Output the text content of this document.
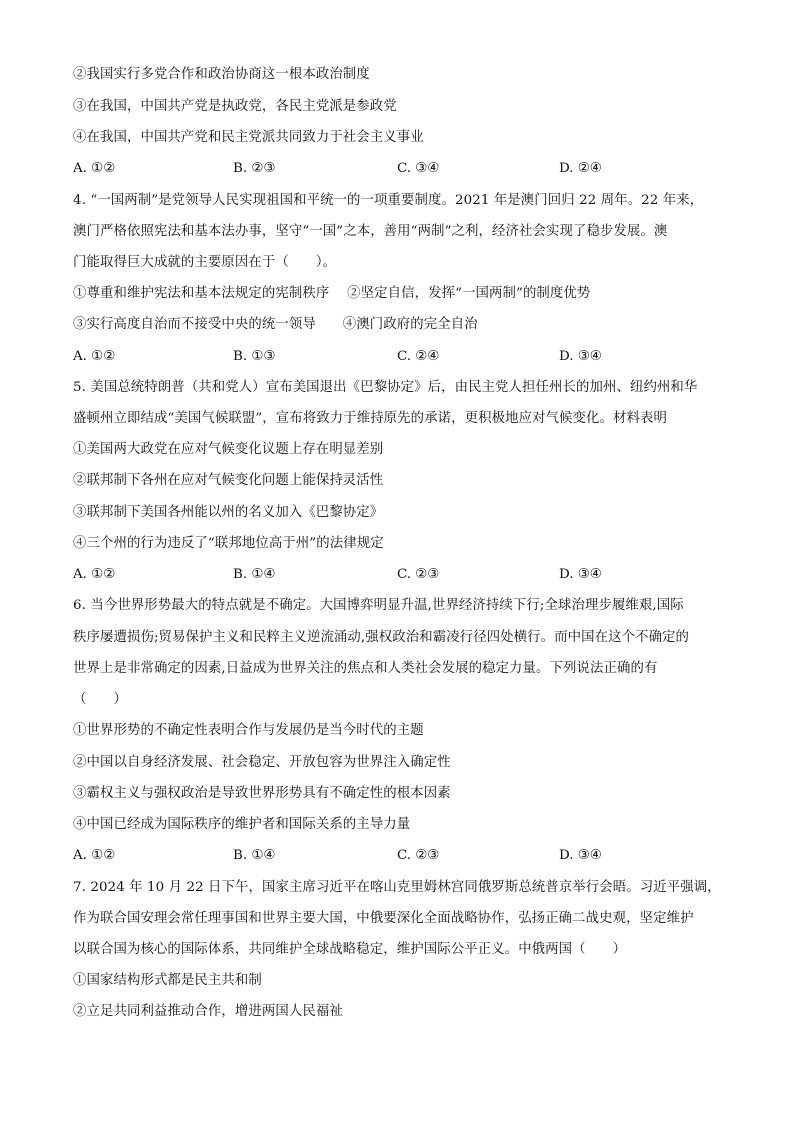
②我国实行多党合作和政治协商这一根本政治制度
③在我国，中国共产党是执政党，各民主党派是参政党
④在我国，中国共产党和民主党派共同致力于社会主义事业
A. ①②	B. ②③	C. ③④	D. ②④
4. “一国两制”是党领导人民实现祖国和平统一的一项重要制度。2021 年是澳门回归 22 周年。22 年来，
澳门严格依照宪法和基本法办事，坚守“一国”之本，善用“两制”之利，经济社会实现了稳步发展。澳
门能取得巨大成就的主要原因在于（　　）。
①尊重和维护宪法和基本法规定的宪制秩序　 ②坚定自信，发挥“一国两制”的制度优势
③实行高度自治而不接受中央的统一领导　　④澳门政府的完全自治
A. ①②	B. ①③	C. ②④	D. ③④
5. 美国总统特朗普（共和党人）宣布美国退出《巴黎协定》后，由民主党人担任州长的加州、纽约州和华
盛顿州立即结成“美国气候联盟”，宣布将致力于维持原先的承诺，更积极地应对气候变化。材料表明
①美国两大政党在应对气候变化议题上存在明显差别
②联邦制下各州在应对气候变化问题上能保持灵活性
③联邦制下美国各州能以州的名义加入《巴黎协定》
④三个州的行为违反了“联邦地位高于州”的法律规定
A. ①②	B. ①④	C. ②③	D. ③④
6. 当今世界形势最大的特点就是不确定。大国博弈明显升温,世界经济持续下行;全球治理步履维艰,国际
秩序屡遭损伤;贸易保护主义和民粹主义逆流涌动,强权政治和霸凌行径四处横行。而中国在这个不确定的
世界上是非常确定的因素,日益成为世界关注的焦点和人类社会发展的稳定力量。下列说法正确的有
（　　）
①世界形势的不确定性表明合作与发展仍是当今时代的主题
②中国以自身经济发展、社会稳定、开放包容为世界注入确定性
③霸权主义与强权政治是导致世界形势具有不确定性的根本因素
④中国已经成为国际秩序的维护者和国际关系的主导力量
A. ①②	B. ①④	C. ②③	D. ③④
7. 2024 年 10 月 22 日下午，国家主席习近平在喀山克里姆林宫同俄罗斯总统普京举行会晤。习近平强调，
作为联合国安理会常任理事国和世界主要大国，中俄要深化全面战略协作，弘扬正确二战史观，坚定维护
以联合国为核心的国际体系，共同维护全球战略稳定，维护国际公平正义。中俄两国（　　）
①国家结构形式都是民主共和制
②立足共同利益推动合作，增进两国人民福祉
